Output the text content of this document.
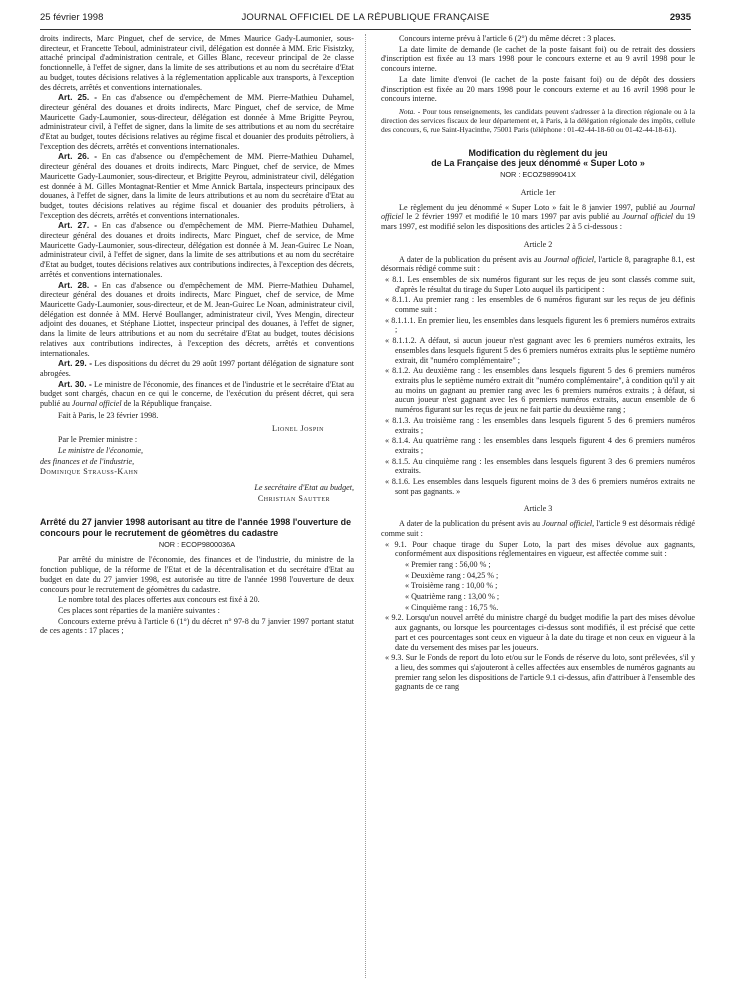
25 février 1998	JOURNAL OFFICIEL DE LA RÉPUBLIQUE FRANÇAISE	2935

droits indirects, Marc Pinguet, chef de service, de Mmes Maurice Gady-Laumonier, sous-directeur, et Francette Teboul, administrateur civil, délégation est donnée à MM. Eric Fisistzky, attaché principal d'administration centrale, et Gilles Blanc, receveur principal de 2e classe fonctionnelle, à l'effet de signer, dans la limite de ses attributions et au nom du secrétaire d'Etat au budget, toutes décisions relatives à la réglementation applicable aux transports, à l'exception des décrets, arrêtés et conventions internationales.

Art. 25. - En cas d'absence ou d'empêchement de MM. Pierre-Mathieu Duhamel, directeur général des douanes et droits indirects, Marc Pinguet, chef de service, de Mme Mauricette Gady-Laumonier, sous-directeur, délégation est donnée à Mme Brigitte Peyrou, administrateur civil, à l'effet de signer, dans la limite de ses attributions et au nom du secrétaire d'Etat au budget, toutes décisions relatives au régime fiscal et douanier des produits pétroliers, à l'exception des décrets, arrêtés et conventions internationales.

Art. 26. - En cas d'absence ou d'empêchement de MM. Pierre-Mathieu Duhamel, directeur général des douanes et droits indirects, Marc Pinguet, chef de service, de Mmes Mauricette Gady-Laumonier, sous-directeur, et Brigitte Peyrou, administrateur civil, délégation est donnée à M. Gilles Montagnat-Rentier et Mme Annick Bartala, inspecteurs principaux des douanes, à l'effet de signer, dans la limite de leurs attributions et au nom du secrétaire d'Etat au budget, toutes décisions relatives au régime fiscal et douanier des produits pétroliers, à l'exception des décrets, arrêtés et conventions internationales.

Art. 27. - En cas d'absence ou d'empêchement de MM. Pierre-Mathieu Duhamel, directeur général des douanes et droits indirects, Marc Pinguet, chef de service, de Mme Mauricette Gady-Laumonier, sous-directeur, délégation est donnée à M. Jean-Guirec Le Noan, administrateur civil, à l'effet de signer, dans la limite de ses attributions et au nom du secrétaire d'Etat au budget, toutes décisions relatives aux contributions indirectes, à l'exception des décrets, arrêtés et conventions internationales.

Art. 28. - En cas d'absence ou d'empêchement de MM. Pierre-Mathieu Duhamel, directeur général des douanes et droits indirects, Marc Pinguet, chef de service, de Mme Mauricette Gady-Laumonier, sous-directeur, et de M. Jean-Guirec Le Noan, administrateur civil, délégation est donnée à MM. Hervé Boullanger, administrateur civil, Yves Mengin, directeur adjoint des douanes, et Stéphane Liottet, inspecteur principal des douanes, à l'effet de signer, dans la limite de leurs attributions et au nom du secrétaire d'Etat au budget, toutes décisions relatives aux contributions indirectes, à l'exception des décrets, arrêtés et conventions internationales.

Art. 29. - Les dispositions du décret du 29 août 1997 portant délégation de signature sont abrogées.

Art. 30. - Le ministre de l'économie, des finances et de l'industrie et le secrétaire d'Etat au budget sont chargés, chacun en ce qui le concerne, de l'exécution du présent décret, qui sera publié au Journal officiel de la République française.

Fait à Paris, le 23 février 1998.

Lionel Jospin

Par le Premier ministre :

Le ministre de l'économie,

des finances et de l'industrie,

Dominique Strauss-Kahn

Le secrétaire d'Etat au budget,

Christian Sautter

Arrêté du 27 janvier 1998 autorisant au titre de l'année 1998 l'ouverture de concours pour le recrutement de géomètres du cadastre
NOR : ECOP9800036A

Par arrêté du ministre de l'économie, des finances et de l'industrie, du ministre de la fonction publique, de la réforme de l'Etat et de la décentralisation et du secrétaire d'Etat au budget en date du 27 janvier 1998, est autorisée au titre de l'année 1998 l'ouverture de deux concours pour le recrutement de géomètres du cadastre.

Le nombre total des places offertes aux concours est fixé à 20.

Ces places sont réparties de la manière suivantes :

Concours externe prévu à l'article 6 (1°) du décret n° 97-8 du 7 janvier 1997 portant statut de ces agents : 17 places ;

Concours interne prévu à l'article 6 (2°) du même décret : 3 places.

La date limite de demande (le cachet de la poste faisant foi) ou de retrait des dossiers d'inscription est fixée au 13 mars 1998 pour le concours externe et au 9 avril 1998 pour le concours interne.

La date limite d'envoi (le cachet de la poste faisant foi) ou de dépôt des dossiers d'inscription est fixée au 20 mars 1998 pour le concours externe et au 16 avril 1998 pour le concours interne.

Nota. - Pour tous renseignements, les candidats peuvent s'adresser à la direction régionale ou à la direction des services fiscaux de leur département et, à Paris, à la délégation régionale des impôts, cellule des concours, 6, rue Saint-Hyacinthe, 75001 Paris (téléphone : 01-42-44-18-60 ou 01-42-44-18-61).

Modification du règlement du jeu
de La Française des jeux dénommé « Super Loto »
NOR : ECOZ9899041X
Article 1er

Le règlement du jeu dénommé « Super Loto » fait le 8 janvier 1997, publié au Journal officiel le 2 février 1997 et modifié le 10 mars 1997 par avis publié au Journal officiel du 19 mars 1997, est modifié selon les dispositions des articles 2 à 5 ci-dessous :

Article 2

A dater de la publication du présent avis au Journal officiel, l'article 8, paragraphe 8.1, est désormais rédigé comme suit :

« 8.1. Les ensembles de six numéros figurant sur les reçus de jeu sont classés comme suit, d'après le résultat du tirage du Super Loto auquel ils participent :

« 8.1.1. Au premier rang : les ensembles de 6 numéros figurant sur les reçus de jeu définis comme suit :

« 8.1.1.1. En premier lieu, les ensembles dans lesquels figurent les 6 premiers numéros extraits ;

« 8.1.1.2. A défaut, si aucun joueur n'est gagnant avec les 6 premiers numéros extraits, les ensembles dans lesquels figurent 5 des 6 premiers numéros extraits plus le septième numéro extrait, dit "numéro complémentaire" ;

« 8.1.2. Au deuxième rang : les ensembles dans lesquels figurent 5 des 6 premiers numéros extraits plus le septième numéro extrait dit "numéro complémentaire", à condition qu'il y ait au moins un gagnant au premier rang avec les 6 premiers numéros extraits ; à défaut, si aucun joueur n'est gagnant avec les 6 premiers numéros extraits, aucun ensemble de 6 numéros figurant sur les reçus de jeux ne fait partie du deuxième rang ;

« 8.1.3. Au troisième rang : les ensembles dans lesquels figurent 5 des 6 premiers numéros extraits ;

« 8.1.4. Au quatrième rang : les ensembles dans lesquels figurent 4 des 6 premiers numéros extraits ;

« 8.1.5. Au cinquième rang : les ensembles dans lesquels figurent 3 des 6 premiers numéros extraits.

« 8.1.6. Les ensembles dans lesquels figurent moins de 3 des 6 premiers numéros extraits ne sont pas gagnants. »

Article 3

A dater de la publication du présent avis au Journal officiel, l'article 9 est désormais rédigé comme suit :

« 9.1. Pour chaque tirage du Super Loto, la part des mises dévolue aux gagnants, conformément aux dispositions réglementaires en vigueur, est affectée comme suit :

« Premier rang : 56,00 % ;

« Deuxième rang : 04,25 % ;

« Troisième rang : 10,00 % ;

« Quatrième rang : 13,00 % ;

« Cinquième rang : 16,75 %.

« 9.2. Lorsqu'un nouvel arrêté du ministre chargé du budget modifie la part des mises dévolue aux gagnants, ou lorsque les pourcentages ci-dessus sont modifiés, il est précisé que cette part et ces pourcentages sont ceux en vigueur à la date du tirage et non ceux en vigueur à la date du versement des mises par les joueurs.

« 9.3. Sur le Fonds de report du loto et/ou sur le Fonds de réserve du loto, sont prélevées, s'il y a lieu, des sommes qui s'ajouteront à celles affectées aux ensembles de numéros gagnants au premier rang selon les dispositions de l'article 9.1 ci-dessus, afin d'attribuer à l'ensemble des gagnants de ce rang
